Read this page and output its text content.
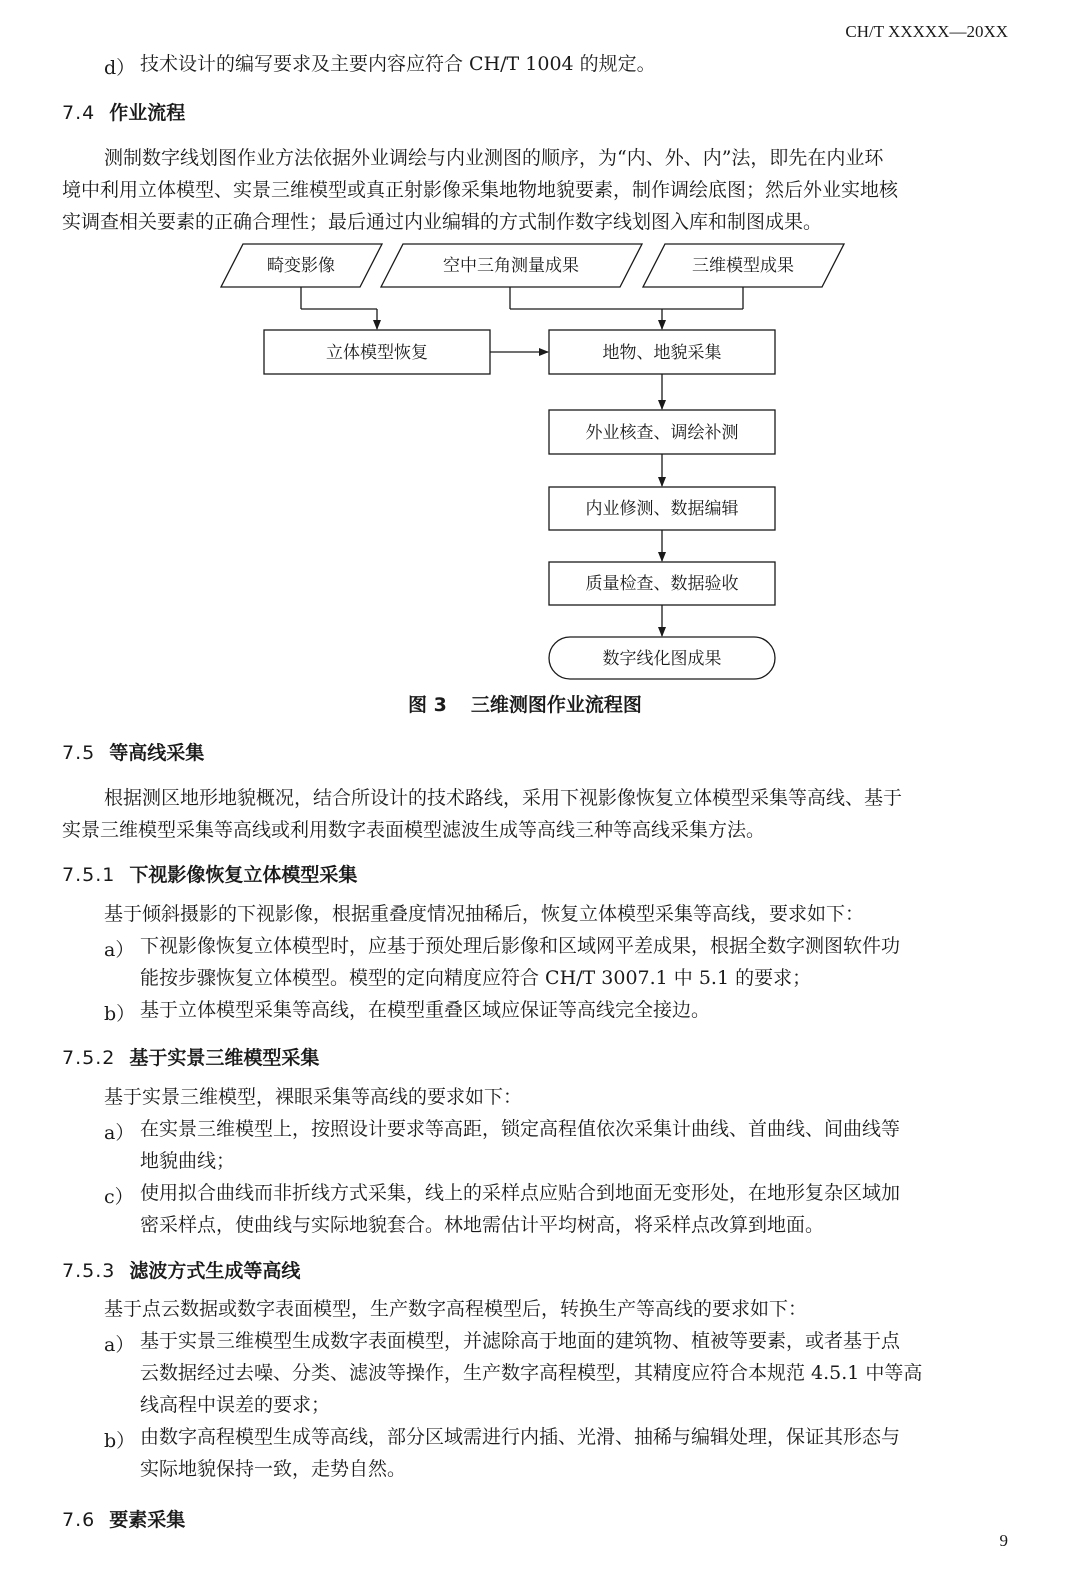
CH/T XXXXX—20XX
d） 技术设计的编写要求及主要内容应符合 CH/T 1004 的规定。
7.4 作业流程
测制数字线划图作业方法依据外业调绘与内业测图的顺序，为“内、外、内”法，即先在内业环
境中利用立体模型、实景三维模型或真正射影像采集地物地貌要素，制作调绘底图；然后外业实地核
实调查相关要素的正确合理性；最后通过内业编辑的方式制作数字线划图入库和制图成果。
畸变影像	空中三角测量成果	三维模型成果
立体模型恢复	地物、地貌采集
外业核查、调绘补测
内业修测、数据编辑
质量检查、数据验收
数字线化图成果
图 3 三维测图作业流程图
7.5 等高线采集
根据测区地形地貌概况，结合所设计的技术路线，采用下视影像恢复立体模型采集等高线、基于
实景三维模型采集等高线或利用数字表面模型滤波生成等高线三种等高线采集方法。
7.5.1 下视影像恢复立体模型采集
基于倾斜摄影的下视影像，根据重叠度情况抽稀后，恢复立体模型采集等高线，要求如下：
a） 下视影像恢复立体模型时，应基于预处理后影像和区域网平差成果，根据全数字测图软件功
能按步骤恢复立体模型。模型的定向精度应符合 CH/T 3007.1 中 5.1 的要求；
b） 基于立体模型采集等高线，在模型重叠区域应保证等高线完全接边。
7.5.2 基于实景三维模型采集
基于实景三维模型，裸眼采集等高线的要求如下：
a） 在实景三维模型上，按照设计要求等高距，锁定高程值依次采集计曲线、首曲线、间曲线等
地貌曲线；
c） 使用拟合曲线而非折线方式采集，线上的采样点应贴合到地面无变形处，在地形复杂区域加
密采样点，使曲线与实际地貌套合。林地需估计平均树高，将采样点改算到地面。
7.5.3 滤波方式生成等高线
基于点云数据或数字表面模型，生产数字高程模型后，转换生产等高线的要求如下：
a） 基于实景三维模型生成数字表面模型，并滤除高于地面的建筑物、植被等要素，或者基于点
云数据经过去噪、分类、滤波等操作，生产数字高程模型，其精度应符合本规范 4.5.1 中等高
线高程中误差的要求；
b） 由数字高程模型生成等高线，部分区域需进行内插、光滑、抽稀与编辑处理，保证其形态与
实际地貌保持一致，走势自然。
7.6 要素采集
9
